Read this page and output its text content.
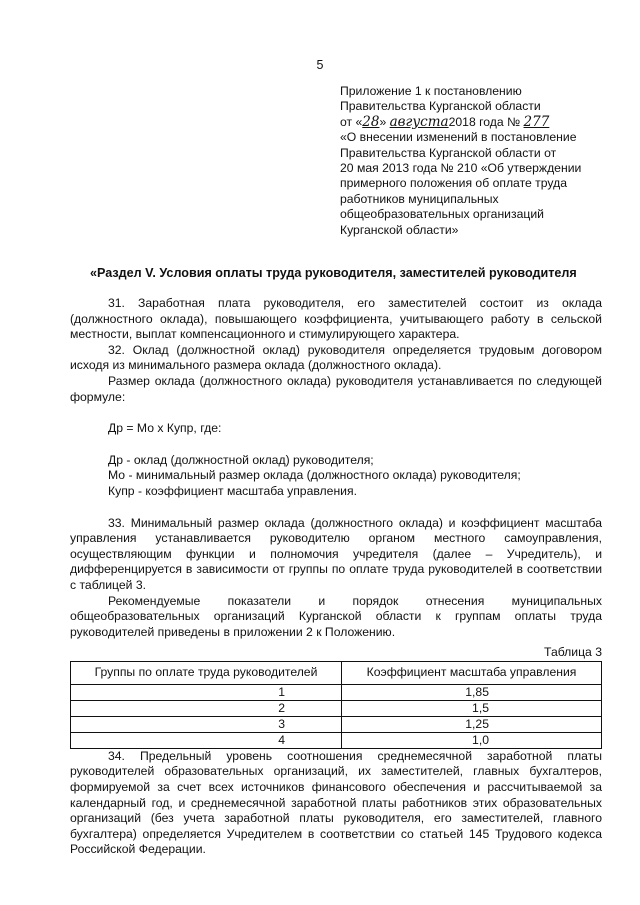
5
Приложение 1 к постановлению
Правительства Курганской области
от «28» августа2018 года № 277
«О внесении изменений в постановление
Правительства Курганской области от
20 мая 2013 года № 210 «Об утверждении
примерного положения об оплате труда
работников муниципальных
общеобразовательных организаций
Курганской области»
«Раздел V. Условия оплаты труда руководителя, заместителей руководителя

31. Заработная плата руководителя, его заместителей состоит из оклада (должностного оклада), повышающего коэффициента, учитывающего работу в сельской местности, выплат компенсационного и стимулирующего характера.

32. Оклад (должностной оклад) руководителя определяется трудовым договором исходя из минимального размера оклада (должностного оклада).

Размер оклада (должностного оклада) руководителя устанавливается по следующей формуле:

Др = Мо х Купр, где:

Др - оклад (должностной оклад) руководителя;

Мо - минимальный размер оклада (должностного оклада) руководителя;

Купр - коэффициент масштаба управления.

33. Минимальный размер оклада (должностного оклада) и коэффициент масштаба управления устанавливается руководителю органом местного самоуправления, осуществляющим функции и полномочия учредителя (далее – Учредитель), и дифференцируется в зависимости от группы по оплате труда руководителей в соответствии с таблицей 3.

Рекомендуемые показатели и порядок отнесения муниципальных общеобразовательных организаций Курганской области к группам оплаты труда руководителей приведены в приложении 2 к Положению.

Таблица 3
Группы по оплате труда руководителей	Коэффициент масштаба управления
1	1,85
2	1,5
3	1,25
4	1,0

34. Предельный уровень соотношения среднемесячной заработной платы руководителей образовательных организаций, их заместителей, главных бухгалтеров, формируемой за счет всех источников финансового обеспечения и рассчитываемой за календарный год, и среднемесячной заработной платы работников этих образовательных организаций (без учета заработной платы руководителя, его заместителей, главного бухгалтера) определяется Учредителем в соответствии со статьей 145 Трудового кодекса Российской Федерации.
